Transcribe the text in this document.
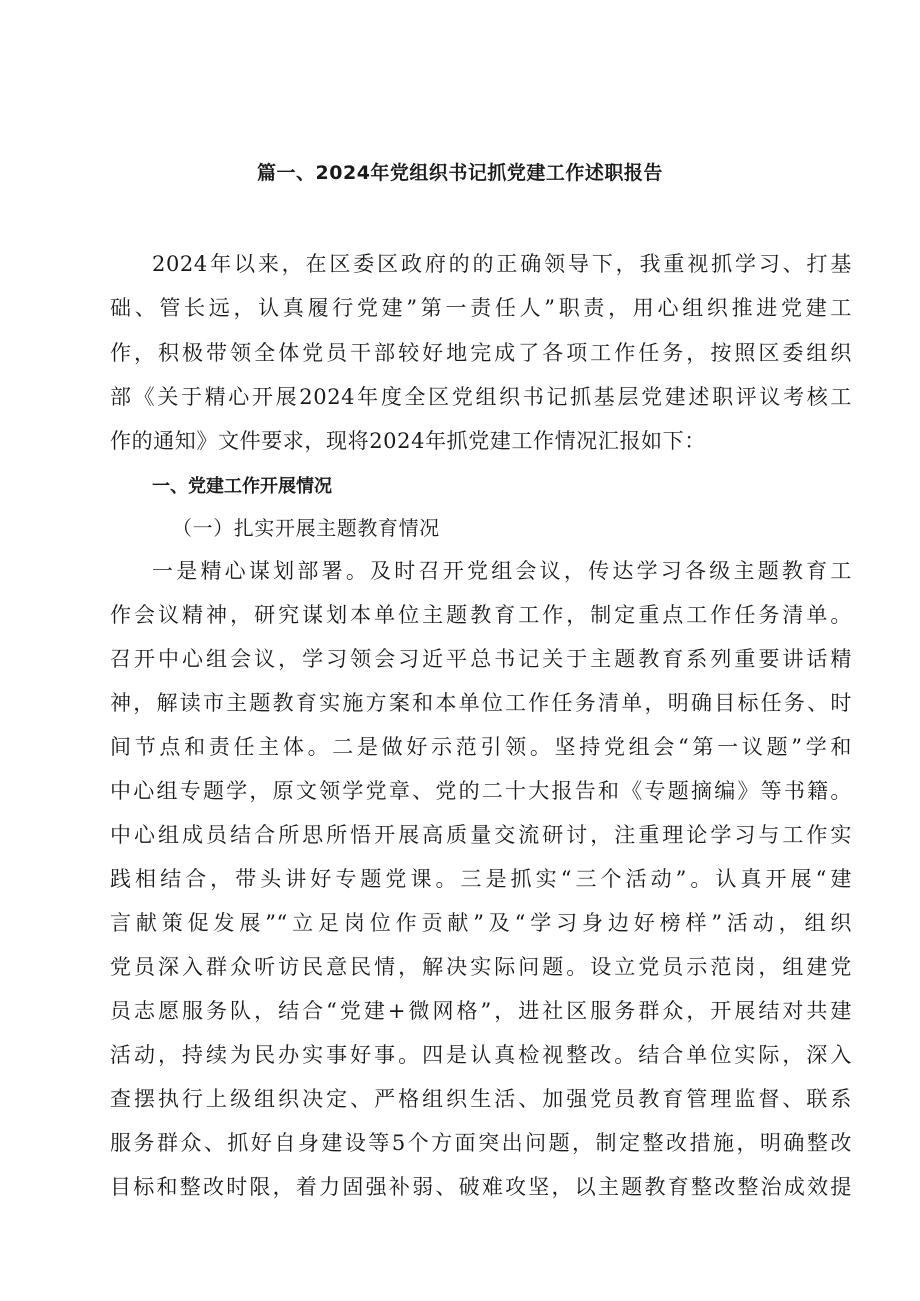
篇一、2024年党组织书记抓党建工作述职报告
2024年以来，在区委区政府的的正确领导下，我重视抓学习、打基
础、管长远，认真履行党建”第一责任人”职责，用心组织推进党建工
作，积极带领全体党员干部较好地完成了各项工作任务，按照区委组织
部《关于精心开展2024年度全区党组织书记抓基层党建述职评议考核工
作的通知》文件要求，现将2024年抓党建工作情况汇报如下：
一、党建工作开展情况
（一）扎实开展主题教育情况
一是精心谋划部署。及时召开党组会议，传达学习各级主题教育工
作会议精神，研究谋划本单位主题教育工作，制定重点工作任务清单。
召开中心组会议，学习领会习近平总书记关于主题教育系列重要讲话精
神，解读市主题教育实施方案和本单位工作任务清单，明确目标任务、时
间节点和责任主体。二是做好示范引领。坚持党组会“第一议题”学和
中心组专题学，原文领学党章、党的二十大报告和《专题摘编》等书籍。
中心组成员结合所思所悟开展高质量交流研讨，注重理论学习与工作实
践相结合，带头讲好专题党课。三是抓实“三个活动”。认真开展“建
言献策促发展”“立足岗位作贡献”及“学习身边好榜样”活动，组织
党员深入群众听访民意民情，解决实际问题。设立党员示范岗，组建党
员志愿服务队，结合“党建+微网格”，进社区服务群众，开展结对共建
活动，持续为民办实事好事。四是认真检视整改。结合单位实际，深入
查摆执行上级组织决定、严格组织生活、加强党员教育管理监督、联系
服务群众、抓好自身建设等5个方面突出问题，制定整改措施，明确整改
目标和整改时限，着力固强补弱、破难攻坚，以主题教育整改整治成效提
